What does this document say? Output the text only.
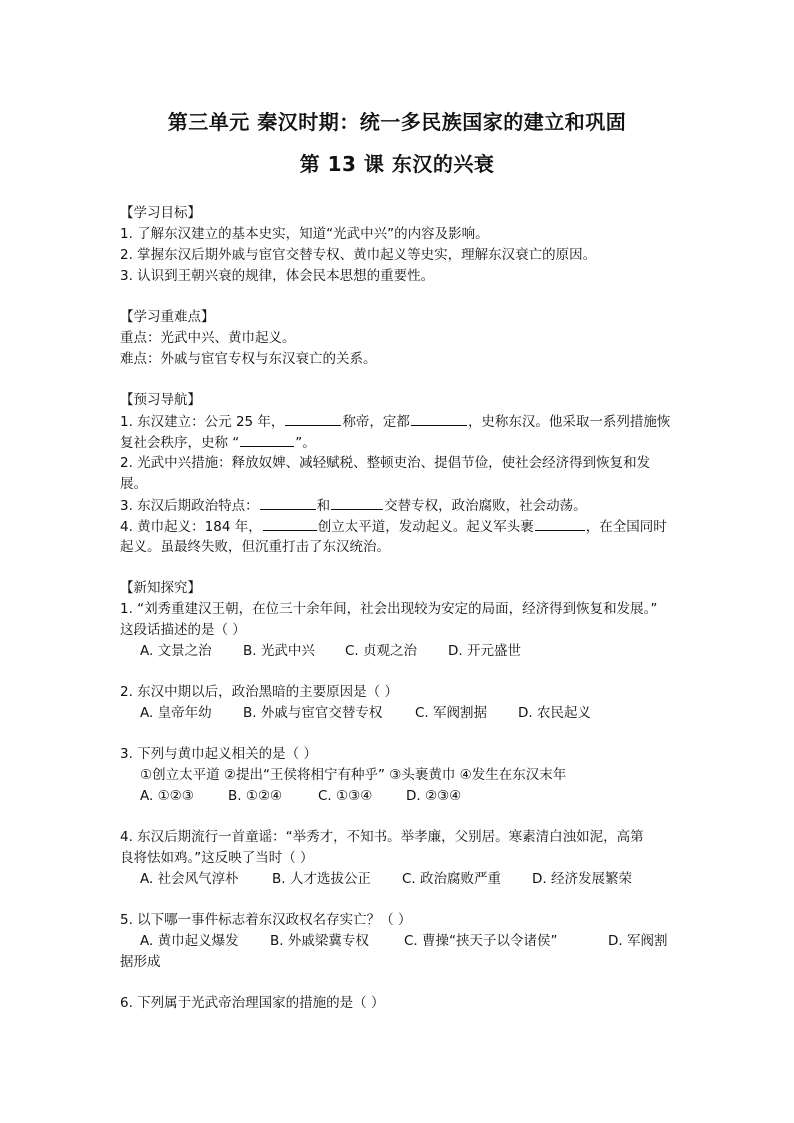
第三单元 秦汉时期：统一多民族国家的建立和巩固
第 13 课 东汉的兴衰
【学习目标】
1. 了解东汉建立的基本史实，知道“光武中兴”的内容及影响。
2. 掌握东汉后期外戚与宦官交替专权、黄巾起义等史实，理解东汉衰亡的原因。
3. 认识到王朝兴衰的规律，体会民本思想的重要性。
【学习重难点】
重点：光武中兴、黄巾起义。
难点：外戚与宦官专权与东汉衰亡的关系。
【预习导航】
1. 东汉建立：公元 25 年，	称帝，定都	，史称东汉。他采取一系列措施恢
复社会秩序，史称 “	”。
2. 光武中兴措施：释放奴婢、减轻赋税、整顿吏治、提倡节俭，使社会经济得到恢复和发
展。
3. 东汉后期政治特点：	和	交替专权，政治腐败，社会动荡。
4. 黄巾起义：184 年，	创立太平道，发动起义。起义军头裹	，在全国同时
起义。虽最终失败，但沉重打击了东汉统治。
【新知探究】
1. “刘秀重建汉王朝，在位三十余年间，社会出现较为安定的局面，经济得到恢复和发展。”
这段话描述的是（ ）
A. 文景之治 B. 光武中兴 C. 贞观之治 D. 开元盛世
2. 东汉中期以后，政治黑暗的主要原因是（ ）
A. 皇帝年幼 B. 外戚与宦官交替专权 C. 军阀割据 D. 农民起义
3. 下列与黄巾起义相关的是（ ）
①创立太平道 ②提出“王侯将相宁有种乎” ③头裹黄巾 ④发生在东汉末年
A. ①②③	B. ①②④	C. ①③④ D. ②③④
4. 东汉后期流行一首童谣：“举秀才，不知书。举孝廉，父别居。寒素清白浊如泥，高第
良将怯如鸡。”这反映了当时（ ）
A. 社会风气淳朴 B. 人才选拔公正 C. 政治腐败严重 D. 经济发展繁荣
5. 以下哪一事件标志着东汉政权名存实亡？（ ）
A. 黄巾起义爆发 B. 外戚梁冀专权	C. 曹操“挟天子以令诸侯”	D. 军阀割
据形成
6. 下列属于光武帝治理国家的措施的是（ ）
